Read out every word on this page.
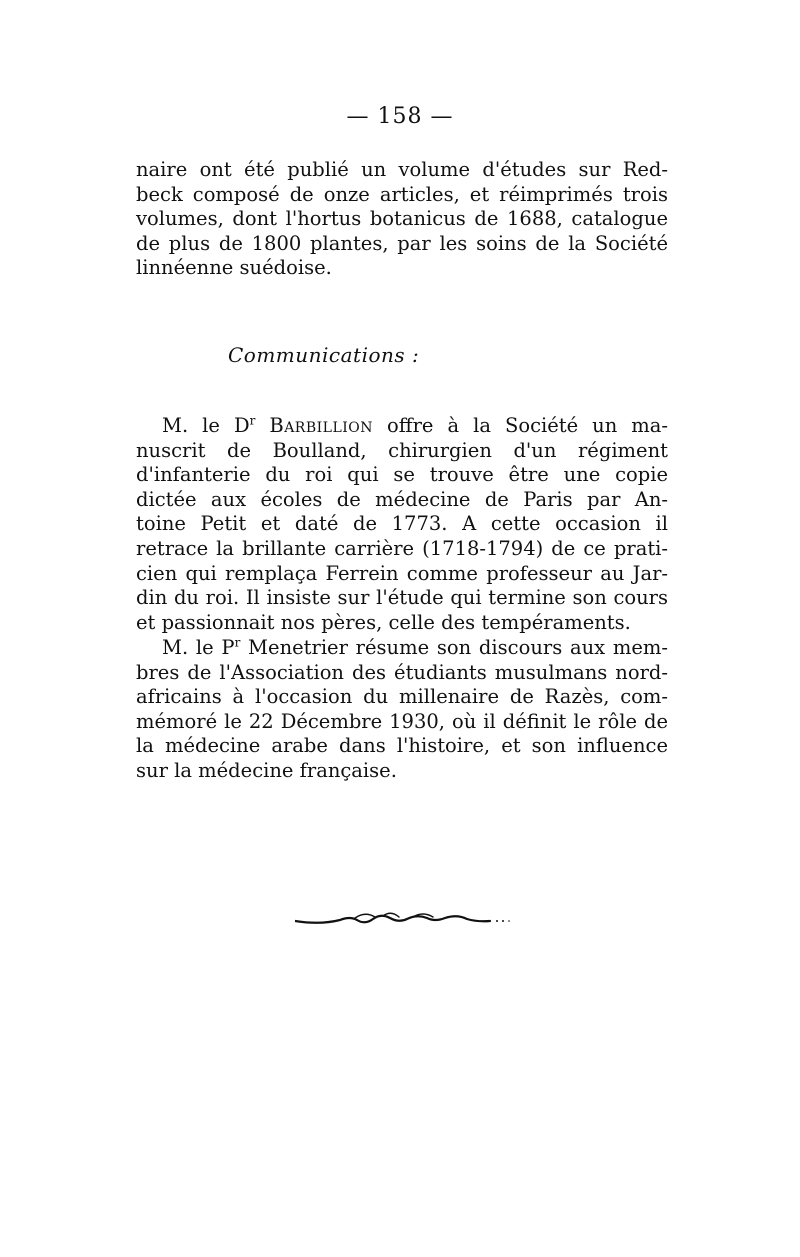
— 158 —
naire ont été publié un volume d'études sur Red-
beck composé de onze articles, et réimprimés trois
volumes, dont l'hortus botanicus de 1688, catalogue
de plus de 1800 plantes, par les soins de la Société
linnéenne suédoise.
Communications :
M. le $D^r$ Barbillion offre à la Société un ma-
nuscrit de Boulland, chirurgien d'un régiment
d'infanterie du roi qui se trouve être une copie
dictée aux écoles de médecine de Paris par An-
toine Petit et daté de 1773. A cette occasion il
retrace la brillante carrière (1718-1794) de ce prati-
cien qui remplaça Ferrein comme professeur au Jar-
din du roi. Il insiste sur l'étude qui termine son cours
et passionnait nos pères, celle des tempéraments.
M. le $P^r$ Menetrier résume son discours aux mem-
bres de l'Association des étudiants musulmans nord-
africains à l'occasion du millenaire de Razès, com-
mémoré le 22 Décembre 1930, où il définit le rôle de
la médecine arabe dans l'histoire, et son influence
sur la médecine française.
